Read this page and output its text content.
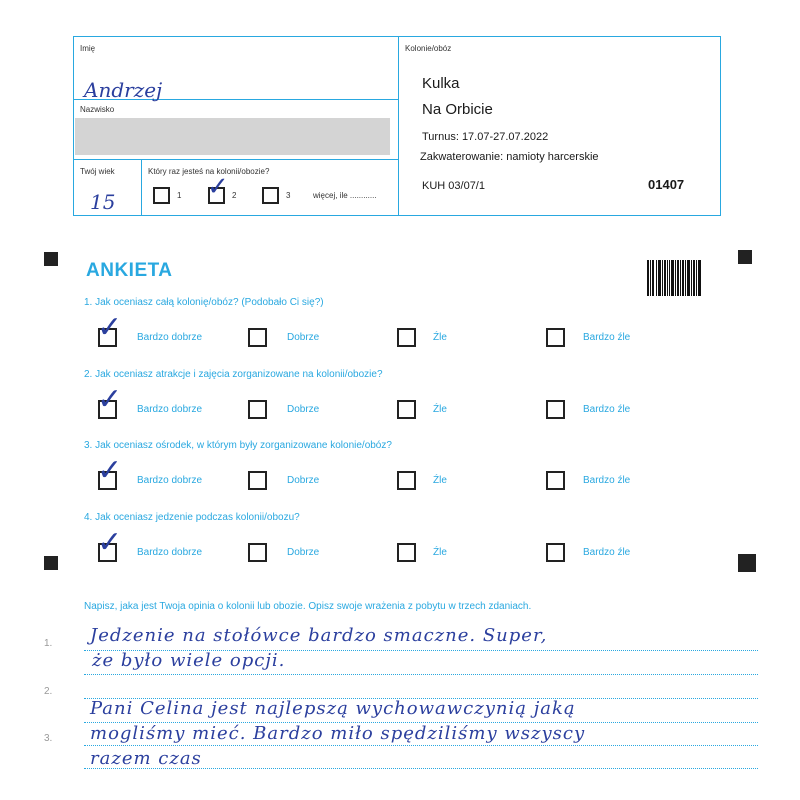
Imię
Andrzej
Nazwisko
Twój wiek
15
Który raz jesteś na kolonii/obozie?
1 ✓ 2	3	więcej, ile ............
Kolonie/obóz
Kulka
Na Orbicie
Turnus: 17.07-27.07.2022
Zakwaterowanie: namioty harcerskie
KUH 03/07/1	01407
ANKIETA
1. Jak oceniasz całą kolonię/obóz? (Podobało Ci się?)
✓ Bardzo dobrze	Dobrze	Źle	Bardzo źle
2. Jak oceniasz atrakcje i zajęcia zorganizowane na kolonii/obozie?
✓ Bardzo dobrze	Dobrze	Źle	Bardzo źle
3. Jak oceniasz ośrodek, w którym były zorganizowane kolonie/obóz?
✓ Bardzo dobrze	Dobrze	Źle	Bardzo źle
4. Jak oceniasz jedzenie podczas kolonii/obozu?
✓ Bardzo dobrze	Dobrze	Źle	Bardzo źle
Napisz, jaka jest Twoja opinia o kolonii lub obozie. Opisz swoje wrażenia z pobytu w trzech zdaniach.
1.
2.
3.
Jedzenie na stołówce bardzo smaczne. Super,
że było wiele opcji.
Pani Celina jest najlepszą wychowawczynią jaką
mogliśmy mieć. Bardzo miło spędziliśmy wszyscy
razem czas
